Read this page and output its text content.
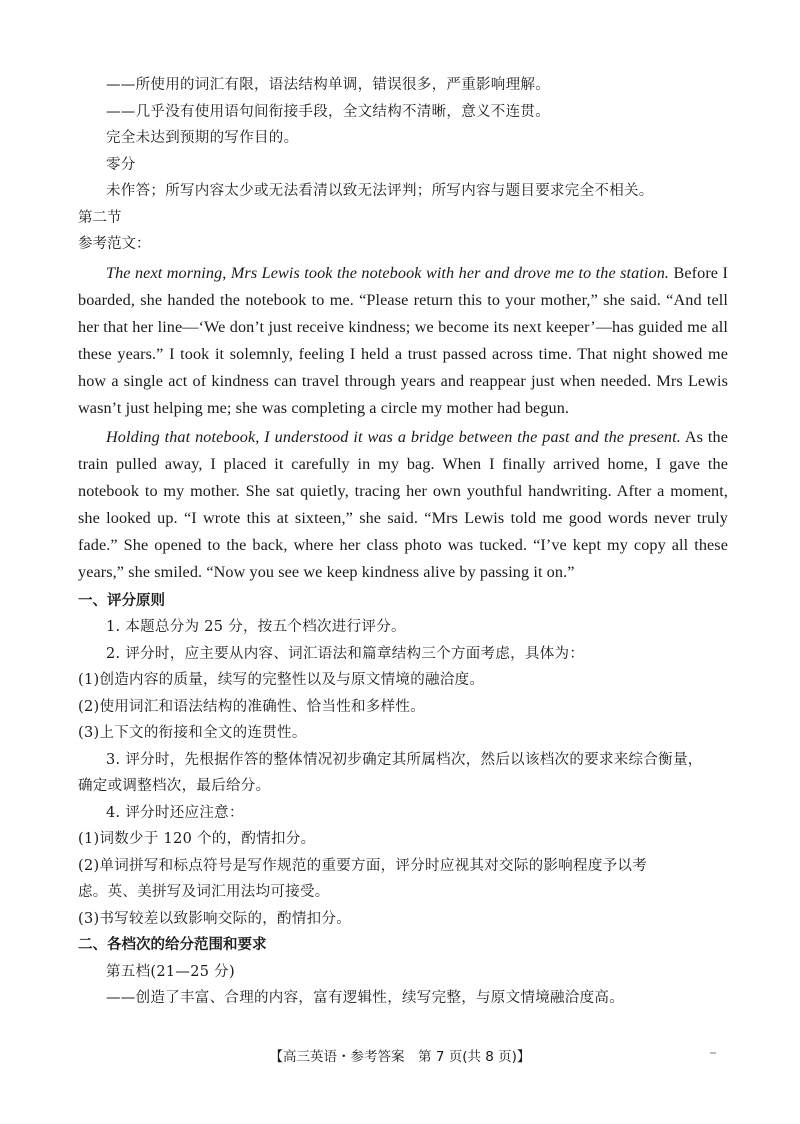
——所使用的词汇有限，语法结构单调，错误很多，严重影响理解。
——几乎没有使用语句间衔接手段，全文结构不清晰，意义不连贯。
完全未达到预期的写作目的。
零分
未作答；所写内容太少或无法看清以致无法评判；所写内容与题目要求完全不相关。
第二节
参考范文：
The next morning, Mrs Lewis took the notebook with her and drove me to the station. Before I boarded, she handed the notebook to me. “Please return this to your mother,” she said. “And tell her that her line—‘We don’t just receive kindness; we become its next keeper’—has guided me all these years.” I took it solemnly, feeling I held a trust passed across time. That night showed me how a single act of kindness can travel through years and reappear just when needed. Mrs Lewis wasn’t just helping me; she was completing a circle my mother had begun.
Holding that notebook, I understood it was a bridge between the past and the present. As the train pulled away, I placed it carefully in my bag. When I finally arrived home, I gave the notebook to my mother. She sat quietly, tracing her own youthful handwriting. After a moment, she looked up. “I wrote this at sixteen,” she said. “Mrs Lewis told me good words never truly fade.” She opened to the back, where her class photo was tucked. “I’ve kept my copy all these years,” she smiled. “Now you see we keep kindness alive by passing it on.”
一、评分原则
1. 本题总分为 25 分，按五个档次进行评分。
2. 评分时，应主要从内容、词汇语法和篇章结构三个方面考虑，具体为：
(1)创造内容的质量，续写的完整性以及与原文情境的融洽度。
(2)使用词汇和语法结构的准确性、恰当性和多样性。
(3)上下文的衔接和全文的连贯性。
3. 评分时，先根据作答的整体情况初步确定其所属档次，然后以该档次的要求来综合衡量，
确定或调整档次，最后给分。
4. 评分时还应注意：
(1)词数少于 120 个的，酌情扣分。
(2)单词拼写和标点符号是写作规范的重要方面，评分时应视其对交际的影响程度予以考
虑。英、美拼写及词汇用法均可接受。
(3)书写较差以致影响交际的，酌情扣分。
二、各档次的给分范围和要求
第五档(21—25 分)
——创造了丰富、合理的内容，富有逻辑性，续写完整，与原文情境融洽度高。
【高三英语・参考答案　第 7 页(共 8 页)】
